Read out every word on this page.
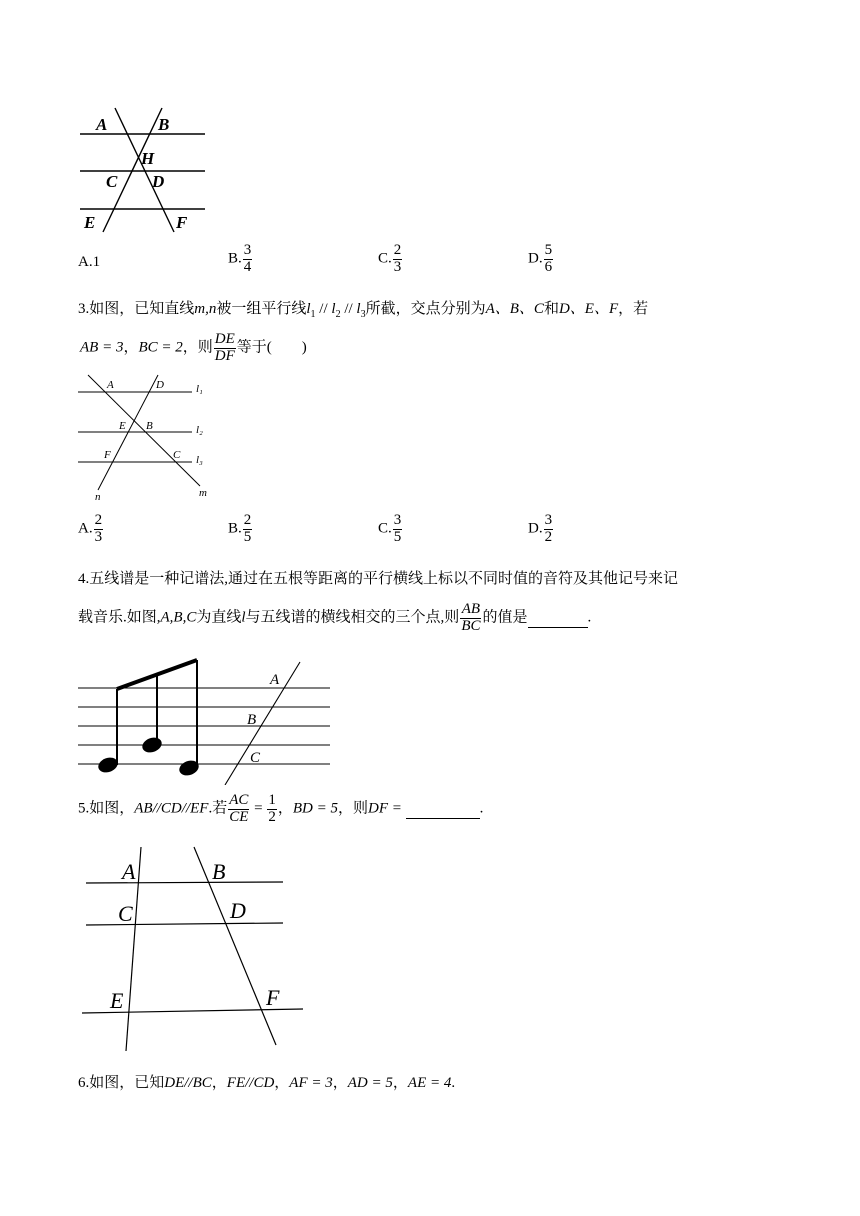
A	B
H
C D
E	F
A.1	B. $\frac{3}{4}$	C. $\frac{2}{3}$	D. $\frac{5}{6}$
3.如图，已知直线m,n被一组平行线$l_1 // l_2 // l_3$所截，交点分别为A、B、C和D、E、F，若
AB = 3，BC = 2，则 $\frac{DE}{DF}$ 等于(　　)
A	D	l₁
E B	l₂
F	C l₃
n	m
A. $\frac{2}{3}$	B. $\frac{2}{5}$	C. $\frac{3}{5}$	D. $\frac{3}{2}$
4.五线谱是一种记谱法,通过在五根等距离的平行横线上标以不同时值的音符及其他记号来记
载音乐.如图,A,B,C为直线l与五线谱的横线相交的三个点,则 $\frac{AB}{BC}$ 的值是	.
A
B
C
5.如图，AB//CD//EF.若 $\frac{AC}{CE} = \frac{1}{2}$ ，BD = 5，则DF =	.
A	B
C	D
E	F
6.如图，已知DE//BC，FE//CD，AF = 3，AD = 5，AE = 4.
